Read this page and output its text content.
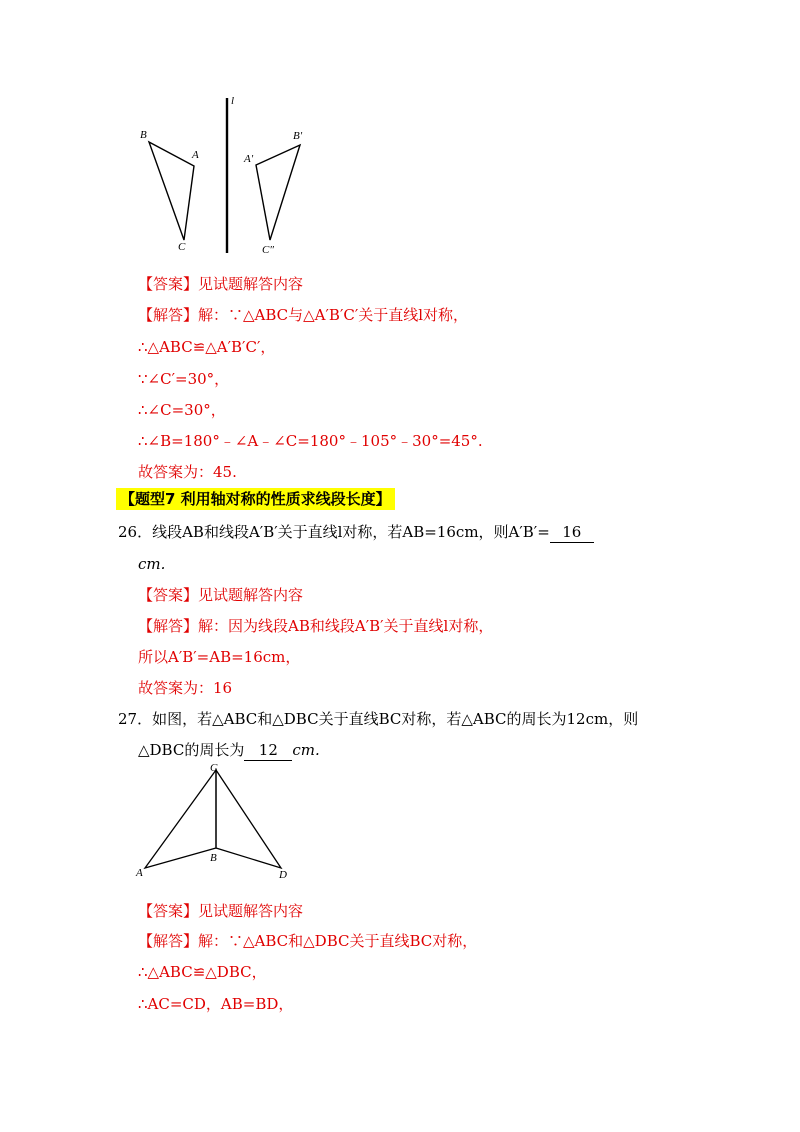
B
A
C
l
B′
A′
C″
【答案】见试题解答内容
【解答】解：∵△ABC与△A′B′C′关于直线l对称，
∴△ABC≌△A′B′C′，
∵∠C′=30°，
∴∠C=30°，
∴∠B=180°﹣∠A﹣∠C=180°﹣105°﹣30°=45°.
故答案为：45.
【题型7 利用轴对称的性质求线段长度】
26．线段AB和线段A′B′关于直线l对称，若AB=16cm，则A′B′= 16
cm.
【答案】见试题解答内容
【解答】解：因为线段AB和线段A′B′关于直线l对称，
所以A′B′=AB=16cm，
故答案为：16
27．如图，若△ABC和△DBC关于直线BC对称，若△ABC的周长为12cm，则
△DBC的周长为 12 cm.
C
A
B
D
【答案】见试题解答内容
【解答】解：∵△ABC和△DBC关于直线BC对称，
∴△ABC≌△DBC，
∴AC=CD，AB=BD，
